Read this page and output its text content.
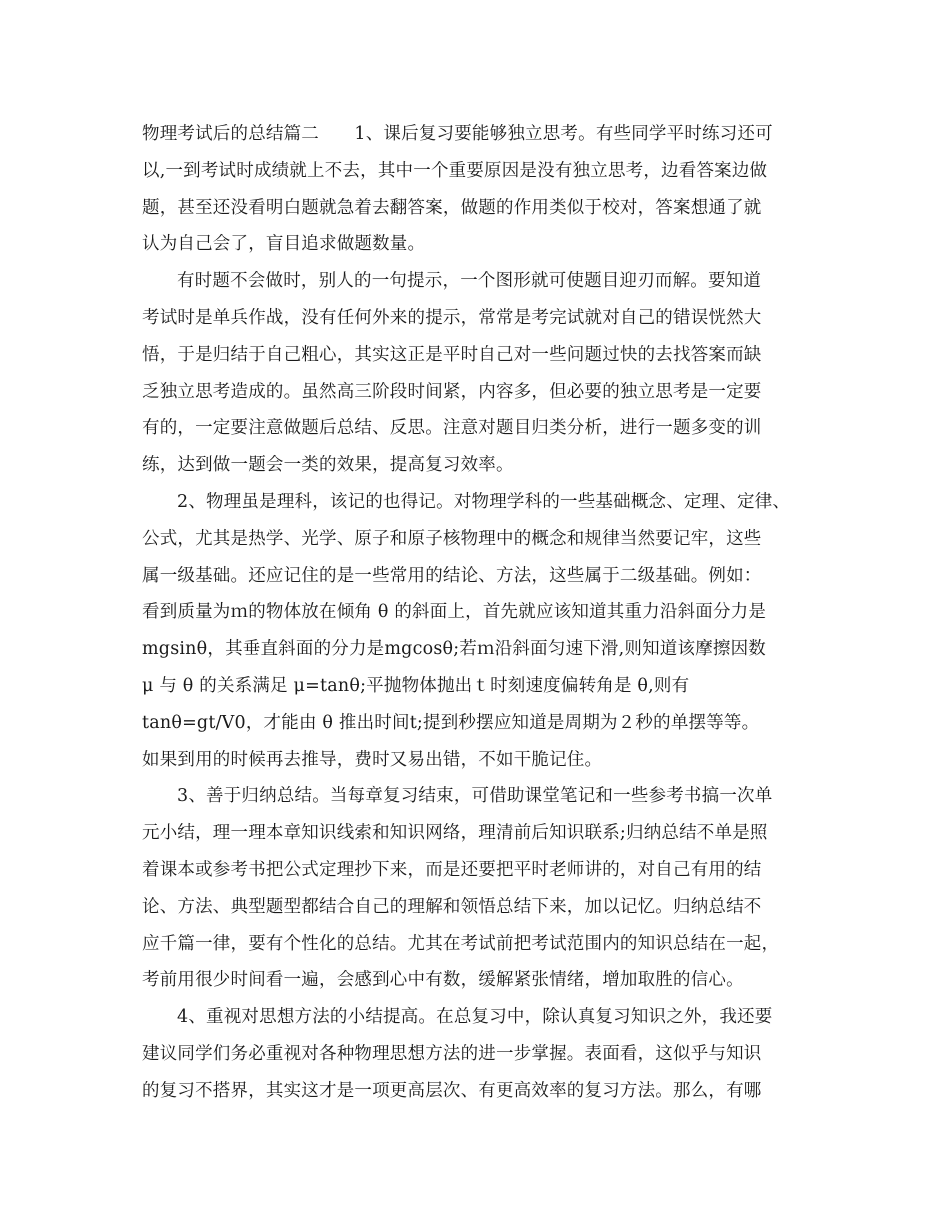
物理考试后的总结篇二　　1、课后复习要能够独立思考。有些同学平时练习还可
以,一到考试时成绩就上不去，其中一个重要原因是没有独立思考，边看答案边做
题，甚至还没看明白题就急着去翻答案，做题的作用类似于校对，答案想通了就
认为自己会了，盲目追求做题数量。
有时题不会做时，别人的一句提示，一个图形就可使题目迎刃而解。要知道
考试时是单兵作战，没有任何外来的提示，常常是考完试就对自己的错误恍然大
悟，于是归结于自己粗心，其实这正是平时自己对一些问题过快的去找答案而缺
乏独立思考造成的。虽然高三阶段时间紧，内容多，但必要的独立思考是一定要
有的，一定要注意做题后总结、反思。注意对题目归类分析，进行一题多变的训
练，达到做一题会一类的效果，提高复习效率。
2、物理虽是理科，该记的也得记。对物理学科的一些基础概念、定理、定律、
公式，尤其是热学、光学、原子和原子核物理中的概念和规律当然要记牢，这些
属一级基础。还应记住的是一些常用的结论、方法，这些属于二级基础。例如：
看到质量为ｍ的物体放在倾角 θ 的斜面上，首先就应该知道其重力沿斜面分力是
mgsinθ，其垂直斜面的分力是mgcosθ;若ｍ沿斜面匀速下滑,则知道该摩擦因数
μ 与 θ 的关系满足 μ=tanθ;平抛物体抛出ｔ时刻速度偏转角是 θ,则有
tanθ=gt/V0，才能由 θ 推出时间t;提到秒摆应知道是周期为２秒的单摆等等。
如果到用的时候再去推导，费时又易出错，不如干脆记住。
3、善于归纳总结。当每章复习结束，可借助课堂笔记和一些参考书搞一次单
元小结，理一理本章知识线索和知识网络，理清前后知识联系;归纳总结不单是照
着课本或参考书把公式定理抄下来，而是还要把平时老师讲的，对自己有用的结
论、方法、典型题型都结合自己的理解和领悟总结下来，加以记忆。归纳总结不
应千篇一律，要有个性化的总结。尤其在考试前把考试范围内的知识总结在一起，
考前用很少时间看一遍，会感到心中有数，缓解紧张情绪，增加取胜的信心。
4、重视对思想方法的小结提高。在总复习中，除认真复习知识之外，我还要
建议同学们务必重视对各种物理思想方法的进一步掌握。表面看，这似乎与知识
的复习不搭界，其实这才是一项更高层次、有更高效率的复习方法。那么，有哪
